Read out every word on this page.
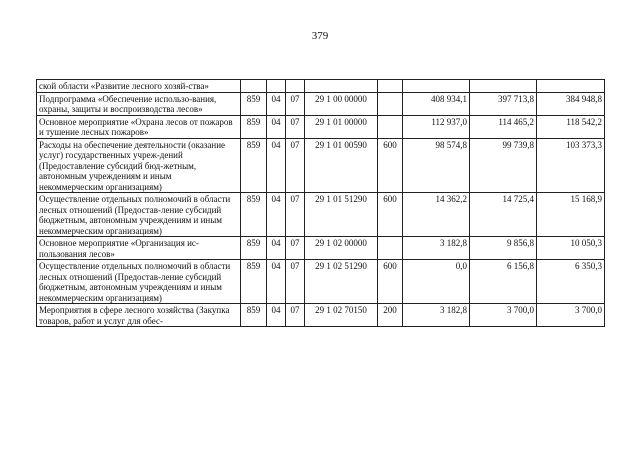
379
ской области «Развитие лесного хозяй-ства»								
Подпрограмма «Обеспечение использо-вания, охраны, защиты и воспроизводства лесов»	859	04	07	29 1 00 00000		408 934,1	397 713,8	384 948,8
Основное мероприятие «Охрана лесов от пожаров и тушение лесных пожаров»	859	04	07	29 1 01 00000		112 937,0	114 465,2	118 542,2
Расходы на обеспечение деятельности (оказание услуг) государственных учреж-дений (Предоставление субсидий бюд-жетным, автономным учреждениям и иным некоммерческим организациям)	859	04	07	29 1 01 00590	600	98 574,8	99 739,8	103 373,3
Осуществление отдельных полномочий в области лесных отношений (Предостав-ление субсидий бюджетным, автономным учреждениям и иным некоммерческим организациям)	859	04	07	29 1 01 51290	600	14 362,2	14 725,4	15 168,9
Основное мероприятие «Организация ис-пользования лесов»	859	04	07	29 1 02 00000		3 182,8	9 856,8	10 050,3
Осуществление отдельных полномочий в области лесных отношений (Предостав-ление субсидий бюджетным, автономным учреждениям и иным некоммерческим организациям)	859	04	07	29 1 02 51290	600	0,0	6 156,8	6 350,3
Мероприятия в сфере лесного хозяйства (Закупка товаров, работ и услуг для обес-	859	04	07	29 1 02 70150	200	3 182,8	3 700,0	3 700,0
